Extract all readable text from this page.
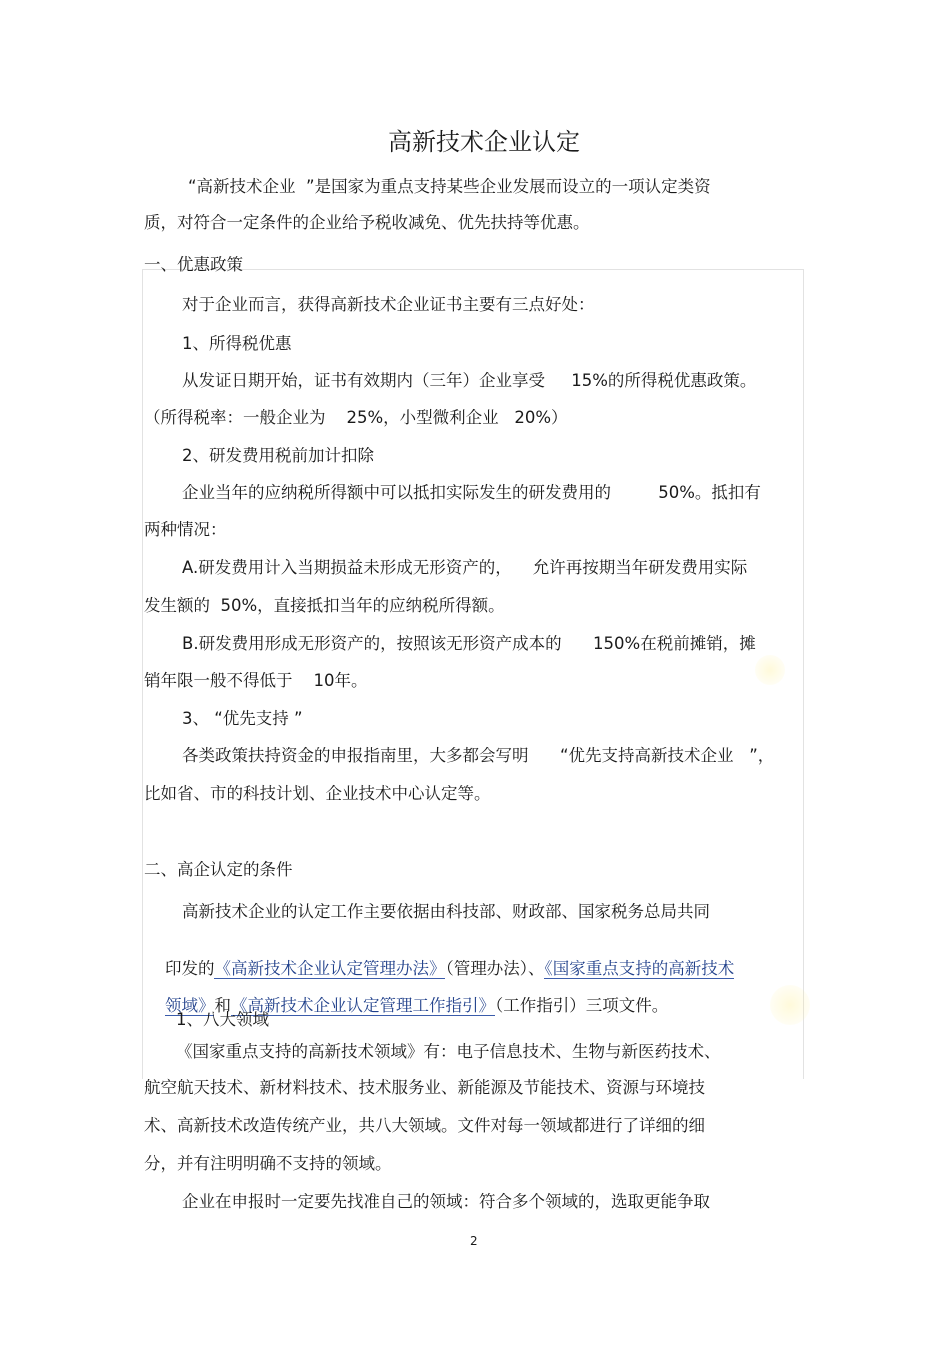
高新技术企业认定
“高新技术企业  ”是国家为重点支持某些企业发展而设立的一项认定类资
质，对符合一定条件的企业给予税收减免、优先扶持等优惠。
一、优惠政策
对于企业而言，获得高新技术企业证书主要有三点好处：
1、所得税优惠
从发证日期开始，证书有效期内（三年）企业享受     15%的所得税优惠政策。
（所得税率：一般企业为    25%，小型微利企业   20%）
2、研发费用税前加计扣除
企业当年的应纳税所得额中可以抵扣实际发生的研发费用的         50%。抵扣有
两种情况：
A.研发费用计入当期损益未形成无形资产的，    允许再按期当年研发费用实际
发生额的  50%，直接抵扣当年的应纳税所得额。
B.研发费用形成无形资产的，按照该无形资产成本的      150%在税前摊销，摊
销年限一般不得低于    10年。
3、 “优先支持 ”
各类政策扶持资金的申报指南里，大多都会写明      “优先支持高新技术企业   ”，
比如省、市的科技计划、企业技术中心认定等。
二、高企认定的条件
高新技术企业的认定工作主要依据由科技部、财政部、国家税务总局共同

印发的《高新技术企业认定管理办法》（管理办法）、《国家重点支持的高新技术

领域》和《高新技术企业认定管理工作指引》（工作指引）三项文件。

1、八大领域
《国家重点支持的高新技术领域》有：电子信息技术、生物与新医药技术、
航空航天技术、新材料技术、技术服务业、新能源及节能技术、资源与环境技
术、高新技术改造传统产业，共八大领域。文件对每一领域都进行了详细的细
分，并有注明明确不支持的领域。
企业在申报时一定要先找准自己的领域：符合多个领域的，选取更能争取
2
